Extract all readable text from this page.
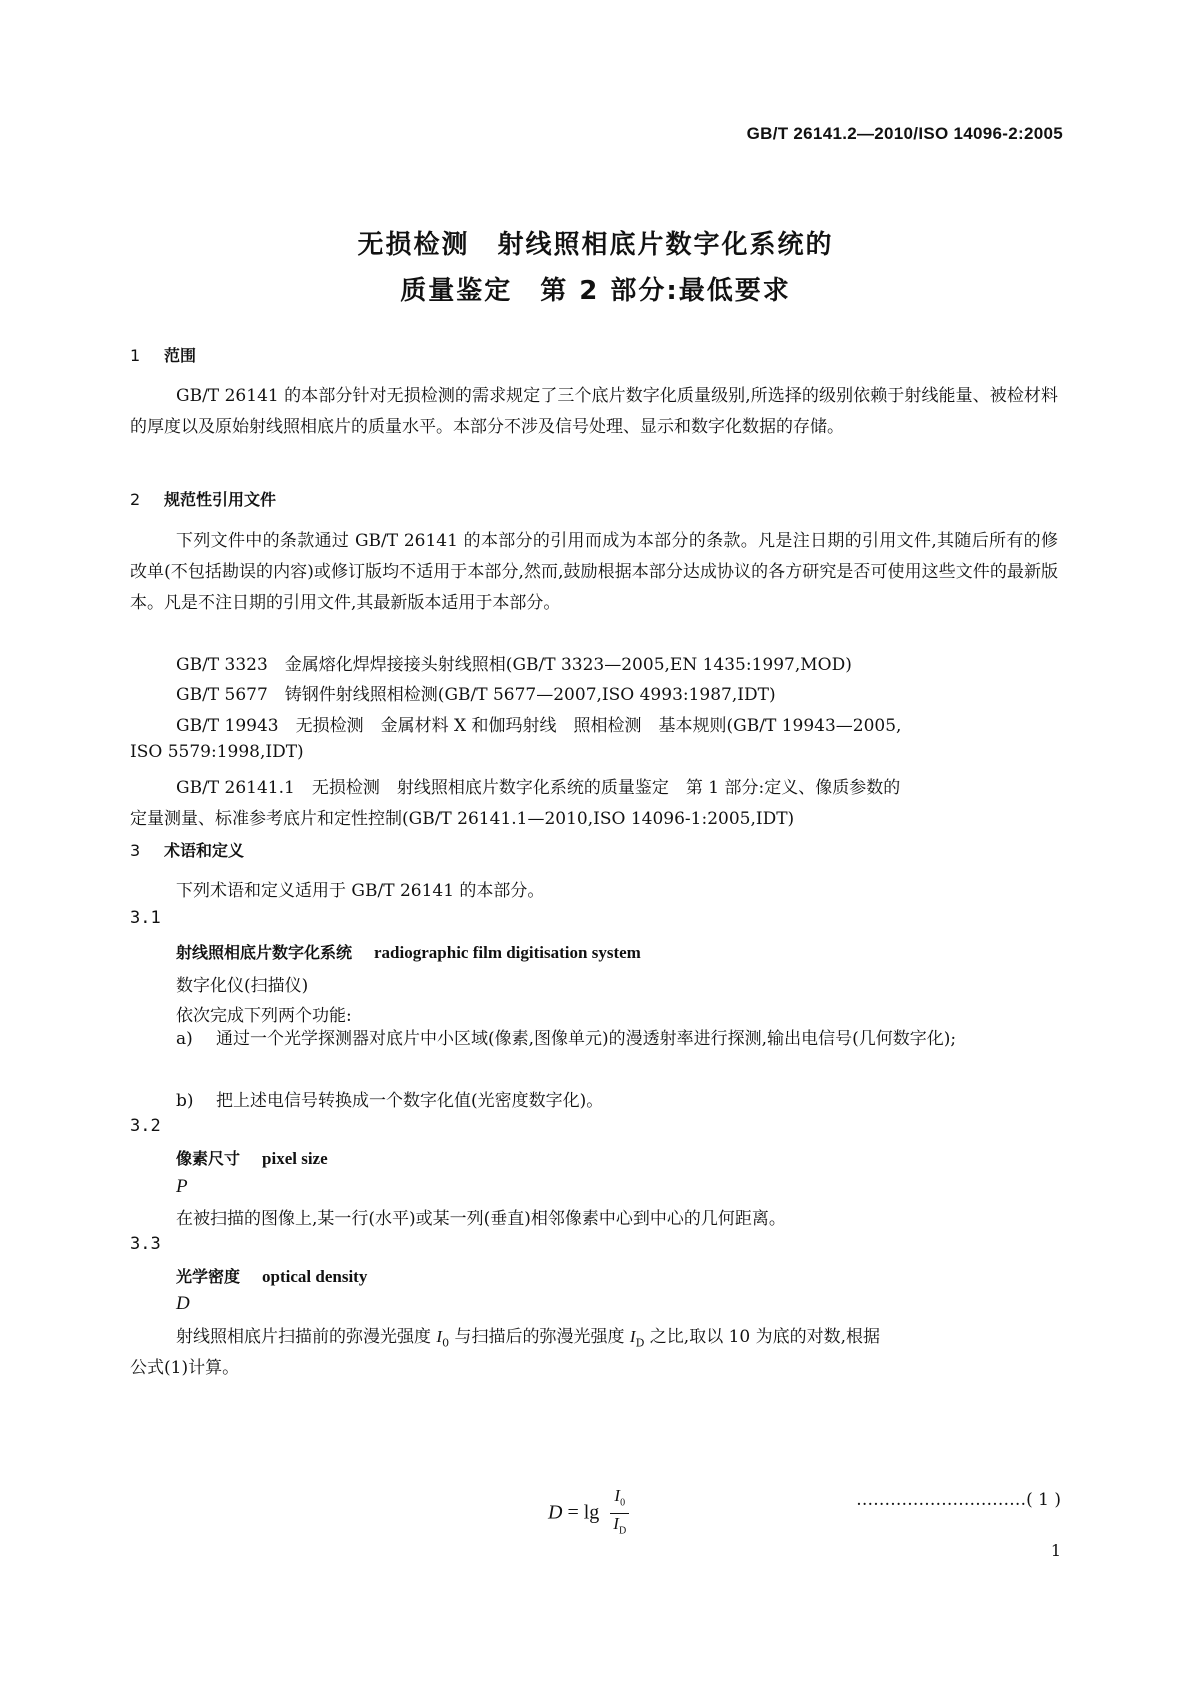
GB/T 26141.2—2010/ISO 14096-2:2005
无损检测　射线照相底片数字化系统的
质量鉴定　第 2 部分:最低要求
1 范围
GB/T 26141 的本部分针对无损检测的需求规定了三个底片数字化质量级别,所选择的级别依赖于射线能量、被检材料的厚度以及原始射线照相底片的质量水平。本部分不涉及信号处理、显示和数字化数据的存储。
2 规范性引用文件
下列文件中的条款通过 GB/T 26141 的本部分的引用而成为本部分的条款。凡是注日期的引用文件,其随后所有的修改单(不包括勘误的内容)或修订版均不适用于本部分,然而,鼓励根据本部分达成协议的各方研究是否可使用这些文件的最新版本。凡是不注日期的引用文件,其最新版本适用于本部分。
GB/T 3323　金属熔化焊焊接接头射线照相(GB/T 3323—2005,EN 1435:1997,MOD)
GB/T 5677　铸钢件射线照相检测(GB/T 5677—2007,ISO 4993:1987,IDT)
GB/T 19943　无损检测　金属材料 X 和伽玛射线　照相检测　基本规则(GB/T 19943—2005,
ISO 5579:1998,IDT)
GB/T 26141.1　无损检测　射线照相底片数字化系统的质量鉴定　第 1 部分:定义、像质参数的
定量测量、标准参考底片和定性控制(GB/T 26141.1—2010,ISO 14096-1:2005,IDT)
3 术语和定义
下列术语和定义适用于 GB/T 26141 的本部分。
3.1
射线照相底片数字化系统 radiographic film digitisation system
数字化仪(扫描仪)
依次完成下列两个功能:
a) 通过一个光学探测器对底片中小区域(像素,图像单元)的漫透射率进行探测,输出电信号(几何数字化);
b) 把上述电信号转换成一个数字化值(光密度数字化)。
3.2
像素尺寸 pixel size
P
在被扫描的图像上,某一行(水平)或某一列(垂直)相邻像素中心到中心的几何距离。
3.3
光学密度 optical density
D
射线照相底片扫描前的弥漫光强度 $I_0$ 与扫描后的弥漫光强度 $I_D$ 之比,取以 10 为底的对数,根据
公式(1)计算。
$D = \lg \frac{I_0}{I_D}$	…………………………( 1 )
1
